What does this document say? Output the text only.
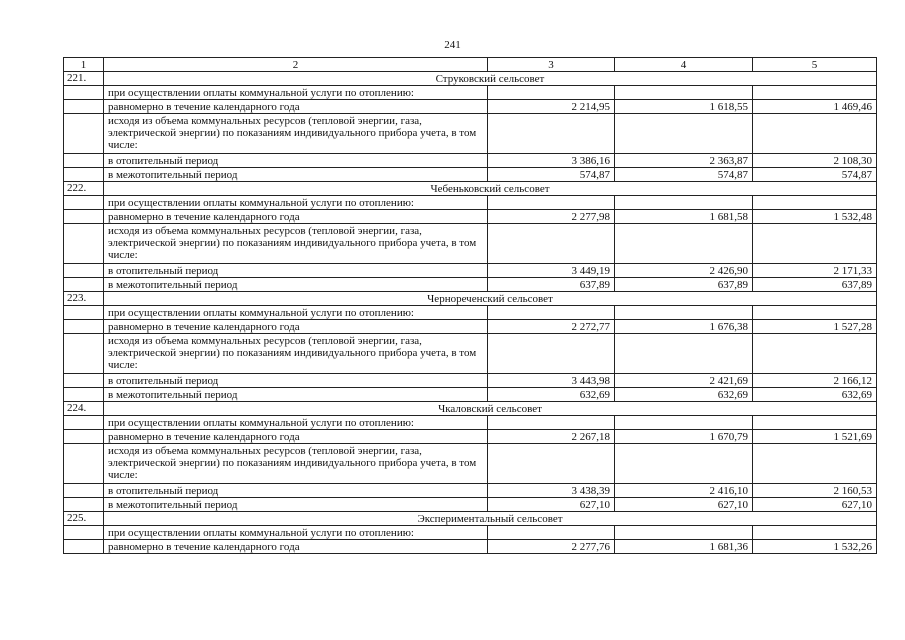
241
1	2	3	4	5
221.	Струковский сельсовет			
	при осуществлении оплаты коммунальной услуги по отоплению:			
	равномерно в течение календарного года	2 214,95	1 618,55	1 469,46
	исходя из объема коммунальных ресурсов (тепловой энергии, газа, электрической энергии) по показаниям индивидуального прибора учета, в том числе:			
	в отопительный период	3 386,16	2 363,87	2 108,30
	в межотопительный период	574,87	574,87	574,87
222.	Чебеньковский сельсовет			
	при осуществлении оплаты коммунальной услуги по отоплению:			
	равномерно в течение календарного года	2 277,98	1 681,58	1 532,48
	исходя из объема коммунальных ресурсов (тепловой энергии, газа, электрической энергии) по показаниям индивидуального прибора учета, в том числе:			
	в отопительный период	3 449,19	2 426,90	2 171,33
	в межотопительный период	637,89	637,89	637,89
223.	Чернореченский сельсовет			
	при осуществлении оплаты коммунальной услуги по отоплению:			
	равномерно в течение календарного года	2 272,77	1 676,38	1 527,28
	исходя из объема коммунальных ресурсов (тепловой энергии, газа, электрической энергии) по показаниям индивидуального прибора учета, в том числе:			
	в отопительный период	3 443,98	2 421,69	2 166,12
	в межотопительный период	632,69	632,69	632,69
224.	Чкаловский сельсовет			
	при осуществлении оплаты коммунальной услуги по отоплению:			
	равномерно в течение календарного года	2 267,18	1 670,79	1 521,69
	исходя из объема коммунальных ресурсов (тепловой энергии, газа, электрической энергии) по показаниям индивидуального прибора учета, в том числе:			
	в отопительный период	3 438,39	2 416,10	2 160,53
	в межотопительный период	627,10	627,10	627,10
225.	Экспериментальный сельсовет			
	при осуществлении оплаты коммунальной услуги по отоплению:			
	равномерно в течение календарного года	2 277,76	1 681,36	1 532,26
